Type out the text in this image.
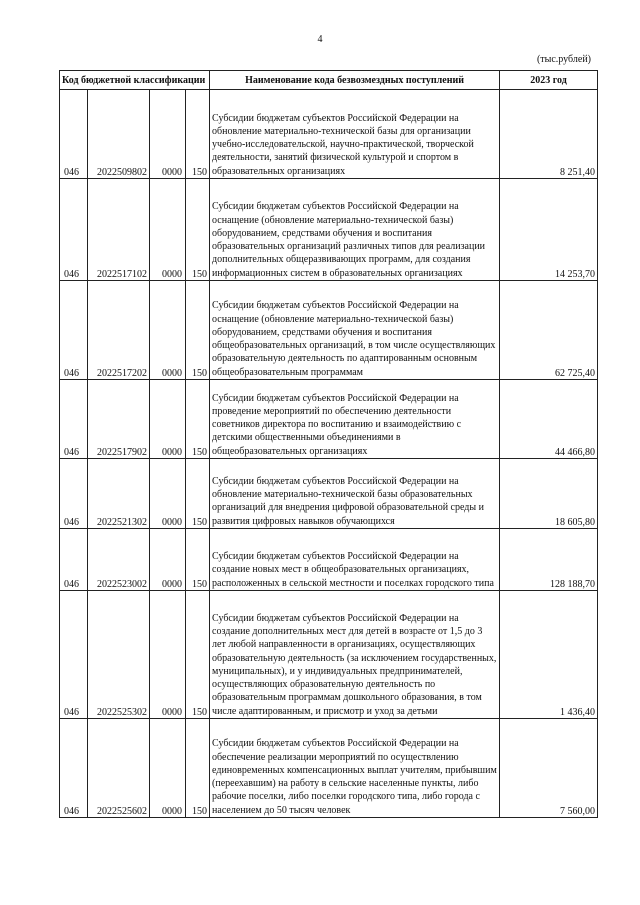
4
(тыс.рублей)
Код бюджетной классификации				Наименование кода безвозмездных поступлений	2023 год
046	2022509802	0000	150	Субсидии бюджетам субъектов Российской Федерации на обновление материально-технической базы для организации учебно-исследовательской, научно-практической, творческой деятельности, занятий физической культурой и спортом в образовательных организациях	8 251,40
046	2022517102	0000	150	Субсидии бюджетам субъектов Российской Федерации на оснащение (обновление материально-технической базы) оборудованием, средствами обучения и воспитания образовательных организаций различных типов для реализации дополнительных общеразвивающих программ, для создания информационных систем в образовательных организациях	14 253,70
046	2022517202	0000	150	Субсидии бюджетам субъектов Российской Федерации на оснащение (обновление материально-технической базы) оборудованием, средствами обучения и воспитания общеобразовательных организаций, в том числе осуществляющих образовательную деятельность по адаптированным основным общеобразовательным программам	62 725,40
046	2022517902	0000	150	Субсидии бюджетам субъектов Российской Федерации на проведение мероприятий по обеспечению деятельности советников директора по воспитанию и взаимодействию с детскими общественными объединениями в общеобразовательных организациях	44 466,80
046	2022521302	0000	150	Субсидии бюджетам субъектов Российской Федерации на обновление материально-технической базы образовательных организаций для внедрения цифровой образовательной среды и развития цифровых навыков обучающихся	18 605,80
046	2022523002	0000	150	Субсидии бюджетам субъектов Российской Федерации на создание новых мест в общеобразовательных организациях, расположенных в сельской местности и поселках городского типа	128 188,70
046	2022525302	0000	150	Субсидии бюджетам субъектов Российской Федерации на создание дополнительных мест для детей в возрасте от 1,5 до 3 лет любой направленности в организациях, осуществляющих образовательную деятельность (за исключением государственных, муниципальных), и у индивидуальных предпринимателей, осуществляющих образовательную деятельность по образовательным программам дошкольного образования, в том числе адаптированным, и присмотр и уход за детьми	1 436,40
046	2022525602	0000	150	Субсидии бюджетам субъектов Российской Федерации на обеспечение реализации мероприятий по осуществлению единовременных компенсационных выплат учителям, прибывшим (переехавшим) на работу в сельские населенные пункты, либо рабочие поселки, либо поселки городского типа, либо города с населением до 50 тысяч человек	7 560,00
